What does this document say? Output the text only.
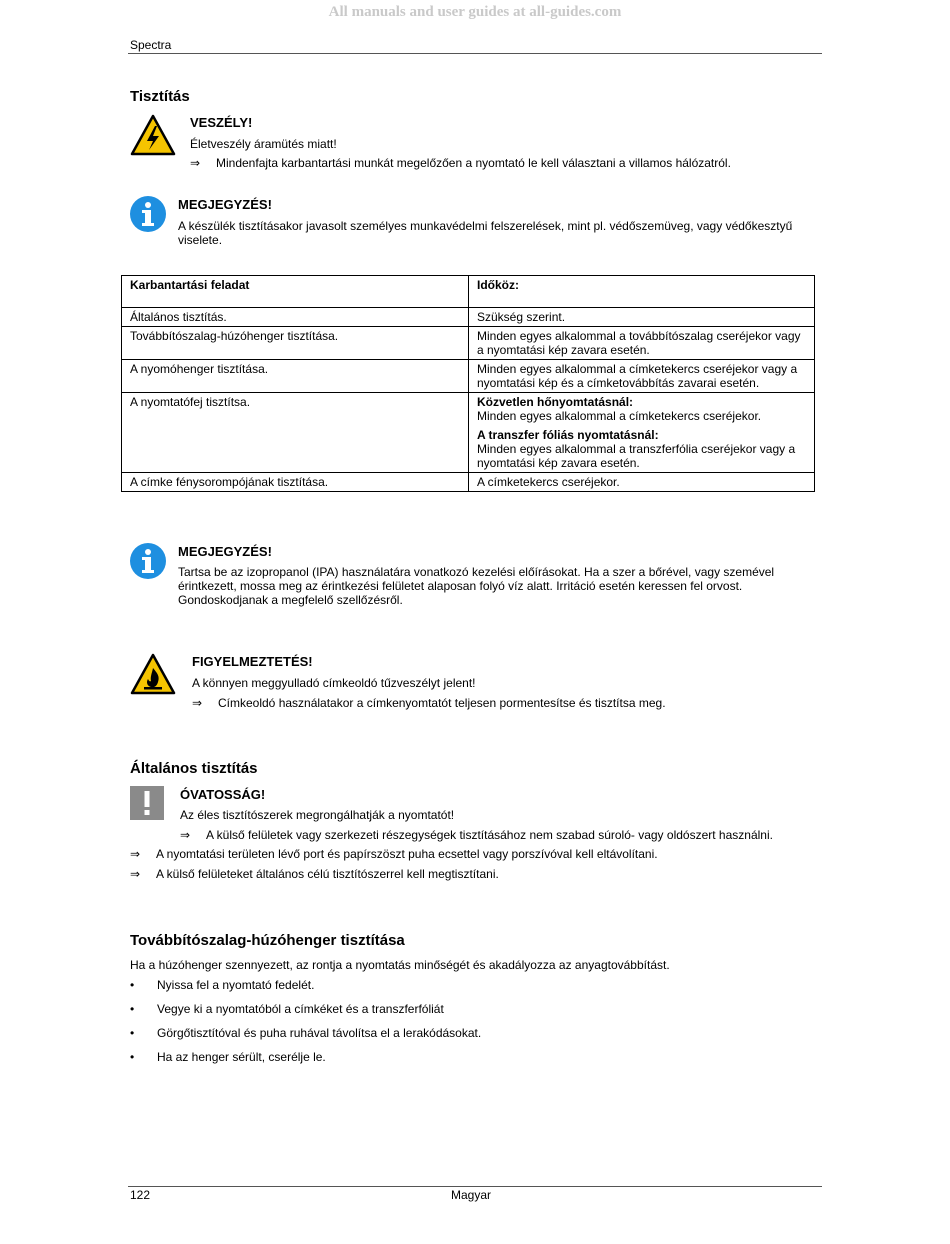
All manuals and user guides at all-guides.com
Spectra
Tisztítás
VESZÉLY!
Életveszély áramütés miatt!
⇒ Mindenfajta karbantartási munkát megelőzően a nyomtató le kell választani a villamos hálózatról.
MEGJEGYZÉS!
A készülék tisztításakor javasolt személyes munkavédelmi felszerelések, mint pl. védőszemüveg, vagy védőkesztyű
viselete.
Karbantartási feladat	Időköz:
Általános tisztítás.	Szükség szerint.
Továbbítószalag-húzóhenger tisztítása.	Minden egyes alkalommal a továbbítószalag cseréjekor vagy
a nyomtatási kép zavara esetén.

A nyomóhenger tisztítása.	Minden egyes alkalommal a címketekercs cseréjekor vagy a
nyomtatási kép és a címketovábbítás zavarai esetén.

A nyomtatófej tisztítsa.	Közvetlen hőnyomtatásnál:
Minden egyes alkalommal a címketekercs cseréjekor.
A transzfer fóliás nyomtatásnál:
Minden egyes alkalommal a transzferfólia cseréjekor vagy a
nyomtatási kép zavara esetén.

A címke fénysorompójának tisztítása.	A címketekercs cseréjekor.
MEGJEGYZÉS!
Tartsa be az izopropanol (IPA) használatára vonatkozó kezelési előírásokat. Ha a szer a bőrével, vagy szemével
érintkezett, mossa meg az érintkezési felületet alaposan folyó víz alatt. Irritáció esetén keressen fel orvost.
Gondoskodjanak a megfelelő szellőzésről.
FIGYELMEZTETÉS!
A könnyen meggyulladó címkeoldó tűzveszélyt jelent!
⇒ Címkeoldó használatakor a címkenyomtatót teljesen pormentesítse és tisztítsa meg.
Általános tisztítás
ÓVATOSSÁG!
Az éles tisztítószerek megrongálhatják a nyomtatót!
⇒ A külső felületek vagy szerkezeti részegységek tisztításához nem szabad súroló- vagy oldószert használni.
⇒ A nyomtatási területen lévő port és papírszöszt puha ecsettel vagy porszívóval kell eltávolítani.
⇒ A külső felületeket általános célú tisztítószerrel kell megtisztítani.
Továbbítószalag-húzóhenger tisztítása
Ha a húzóhenger szennyezett, az rontja a nyomtatás minőségét és akadályozza az anyagtovábbítást.
• Nyissa fel a nyomtató fedelét.
• Vegye ki a nyomtatóból a címkéket és a transzferfóliát
• Görgőtisztítóval és puha ruhával távolítsa el a lerakódásokat.
• Ha az henger sérült, cserélje le.
122	Magyar
